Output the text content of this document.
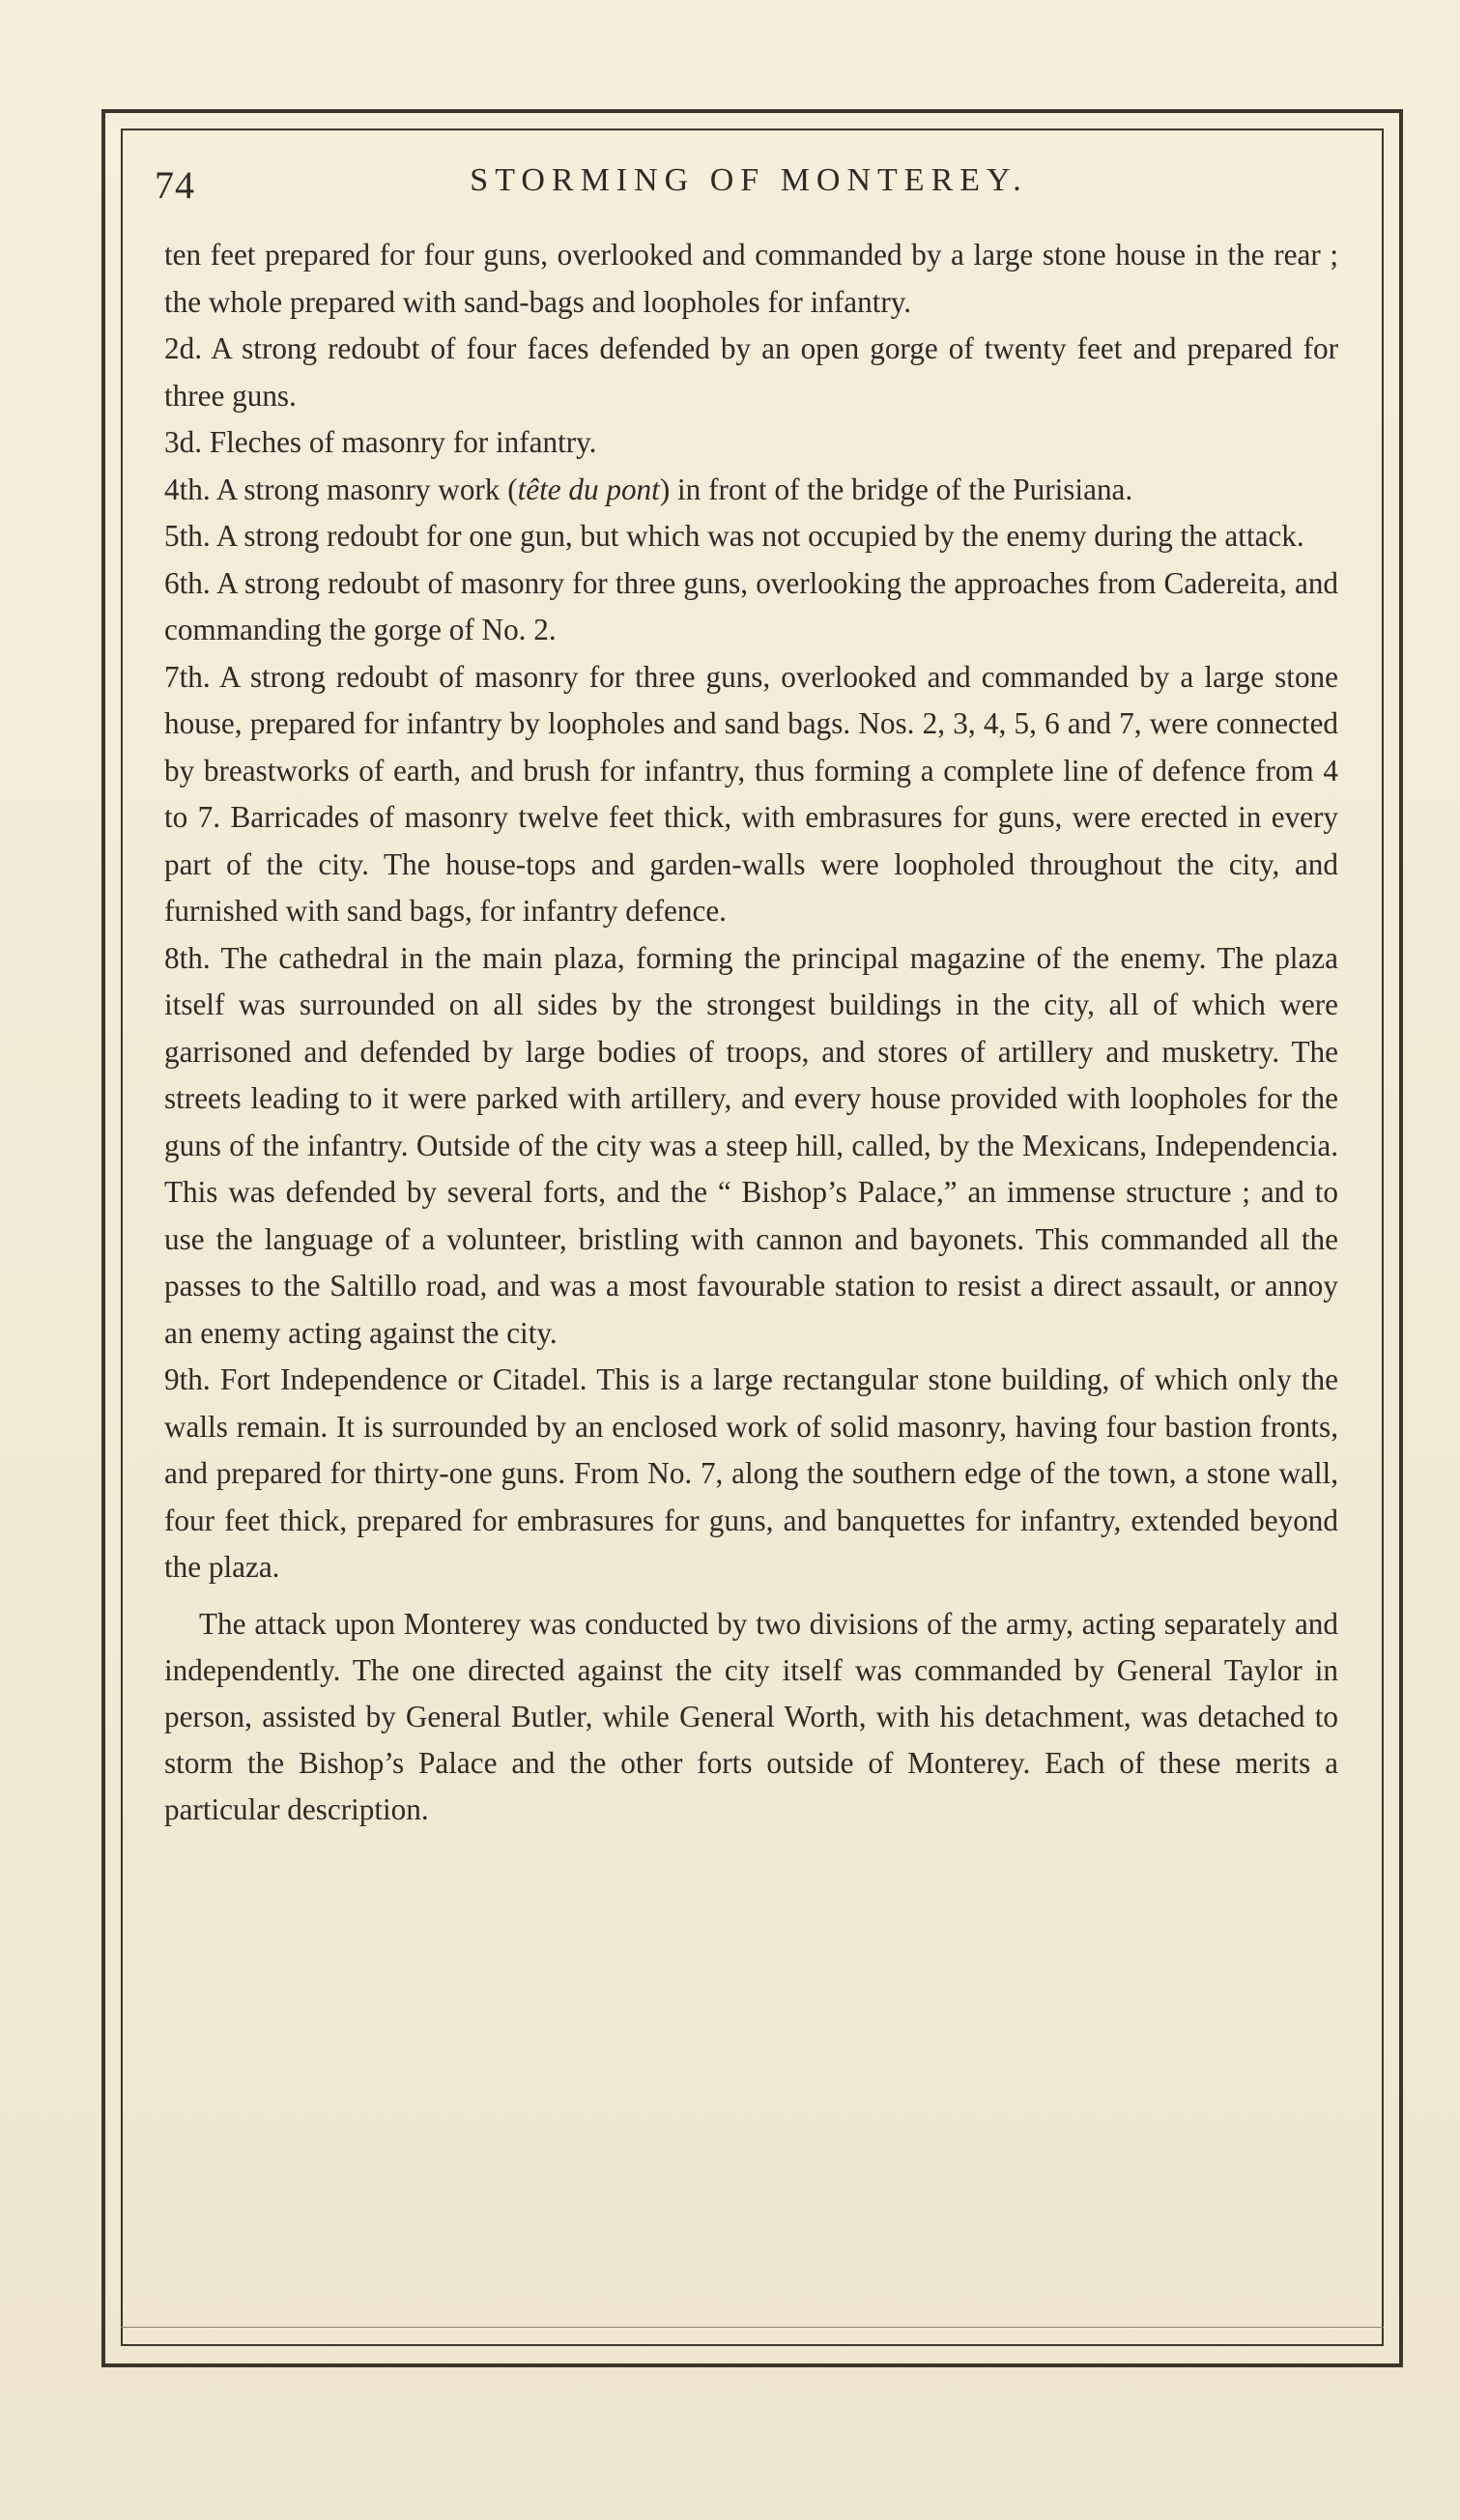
74	STORMING OF MONTEREY.

ten feet prepared for four guns, overlooked and commanded by a large stone house in the rear ; the whole prepared with sand-bags and loopholes for infantry.

2d. A strong redoubt of four faces defended by an open gorge of twenty feet and prepared for three guns.

3d. Fleches of masonry for infantry.

4th. A strong masonry work (tête du pont) in front of the bridge of the Purisiana.

5th. A strong redoubt for one gun, but which was not occupied by the enemy during the attack.

6th. A strong redoubt of masonry for three guns, overlooking the approaches from Cadereita, and commanding the gorge of No. 2.

7th. A strong redoubt of masonry for three guns, overlooked and commanded by a large stone house, prepared for infantry by loopholes and sand bags. Nos. 2, 3, 4, 5, 6 and 7, were connected by breastworks of earth, and brush for infantry, thus forming a complete line of defence from 4 to 7. Barricades of masonry twelve feet thick, with embrasures for guns, were erected in every part of the city. The house-tops and garden-walls were loopholed throughout the city, and furnished with sand bags, for infantry defence.

8th. The cathedral in the main plaza, forming the principal magazine of the enemy. The plaza itself was surrounded on all sides by the strongest buildings in the city, all of which were garrisoned and defended by large bodies of troops, and stores of artillery and musketry. The streets leading to it were parked with artillery, and every house provided with loopholes for the guns of the infantry. Outside of the city was a steep hill, called, by the Mexicans, Independencia. This was defended by several forts, and the “ Bishop’s Palace,” an immense structure ; and to use the language of a volunteer, bristling with cannon and bayonets. This commanded all the passes to the Saltillo road, and was a most favourable station to resist a direct assault, or annoy an enemy acting against the city.

9th. Fort Independence or Citadel. This is a large rectangular stone building, of which only the walls remain. It is surrounded by an enclosed work of solid masonry, having four bastion fronts, and prepared for thirty-one guns. From No. 7, along the southern edge of the town, a stone wall, four feet thick, prepared for embrasures for guns, and banquettes for infantry, extended beyond the plaza.

The attack upon Monterey was conducted by two divisions of the army, acting separately and independently. The one directed against the city itself was commanded by General Taylor in person, assisted by General Butler, while General Worth, with his detachment, was detached to storm the Bishop’s Palace and the other forts outside of Monterey. Each of these merits a particular description.
